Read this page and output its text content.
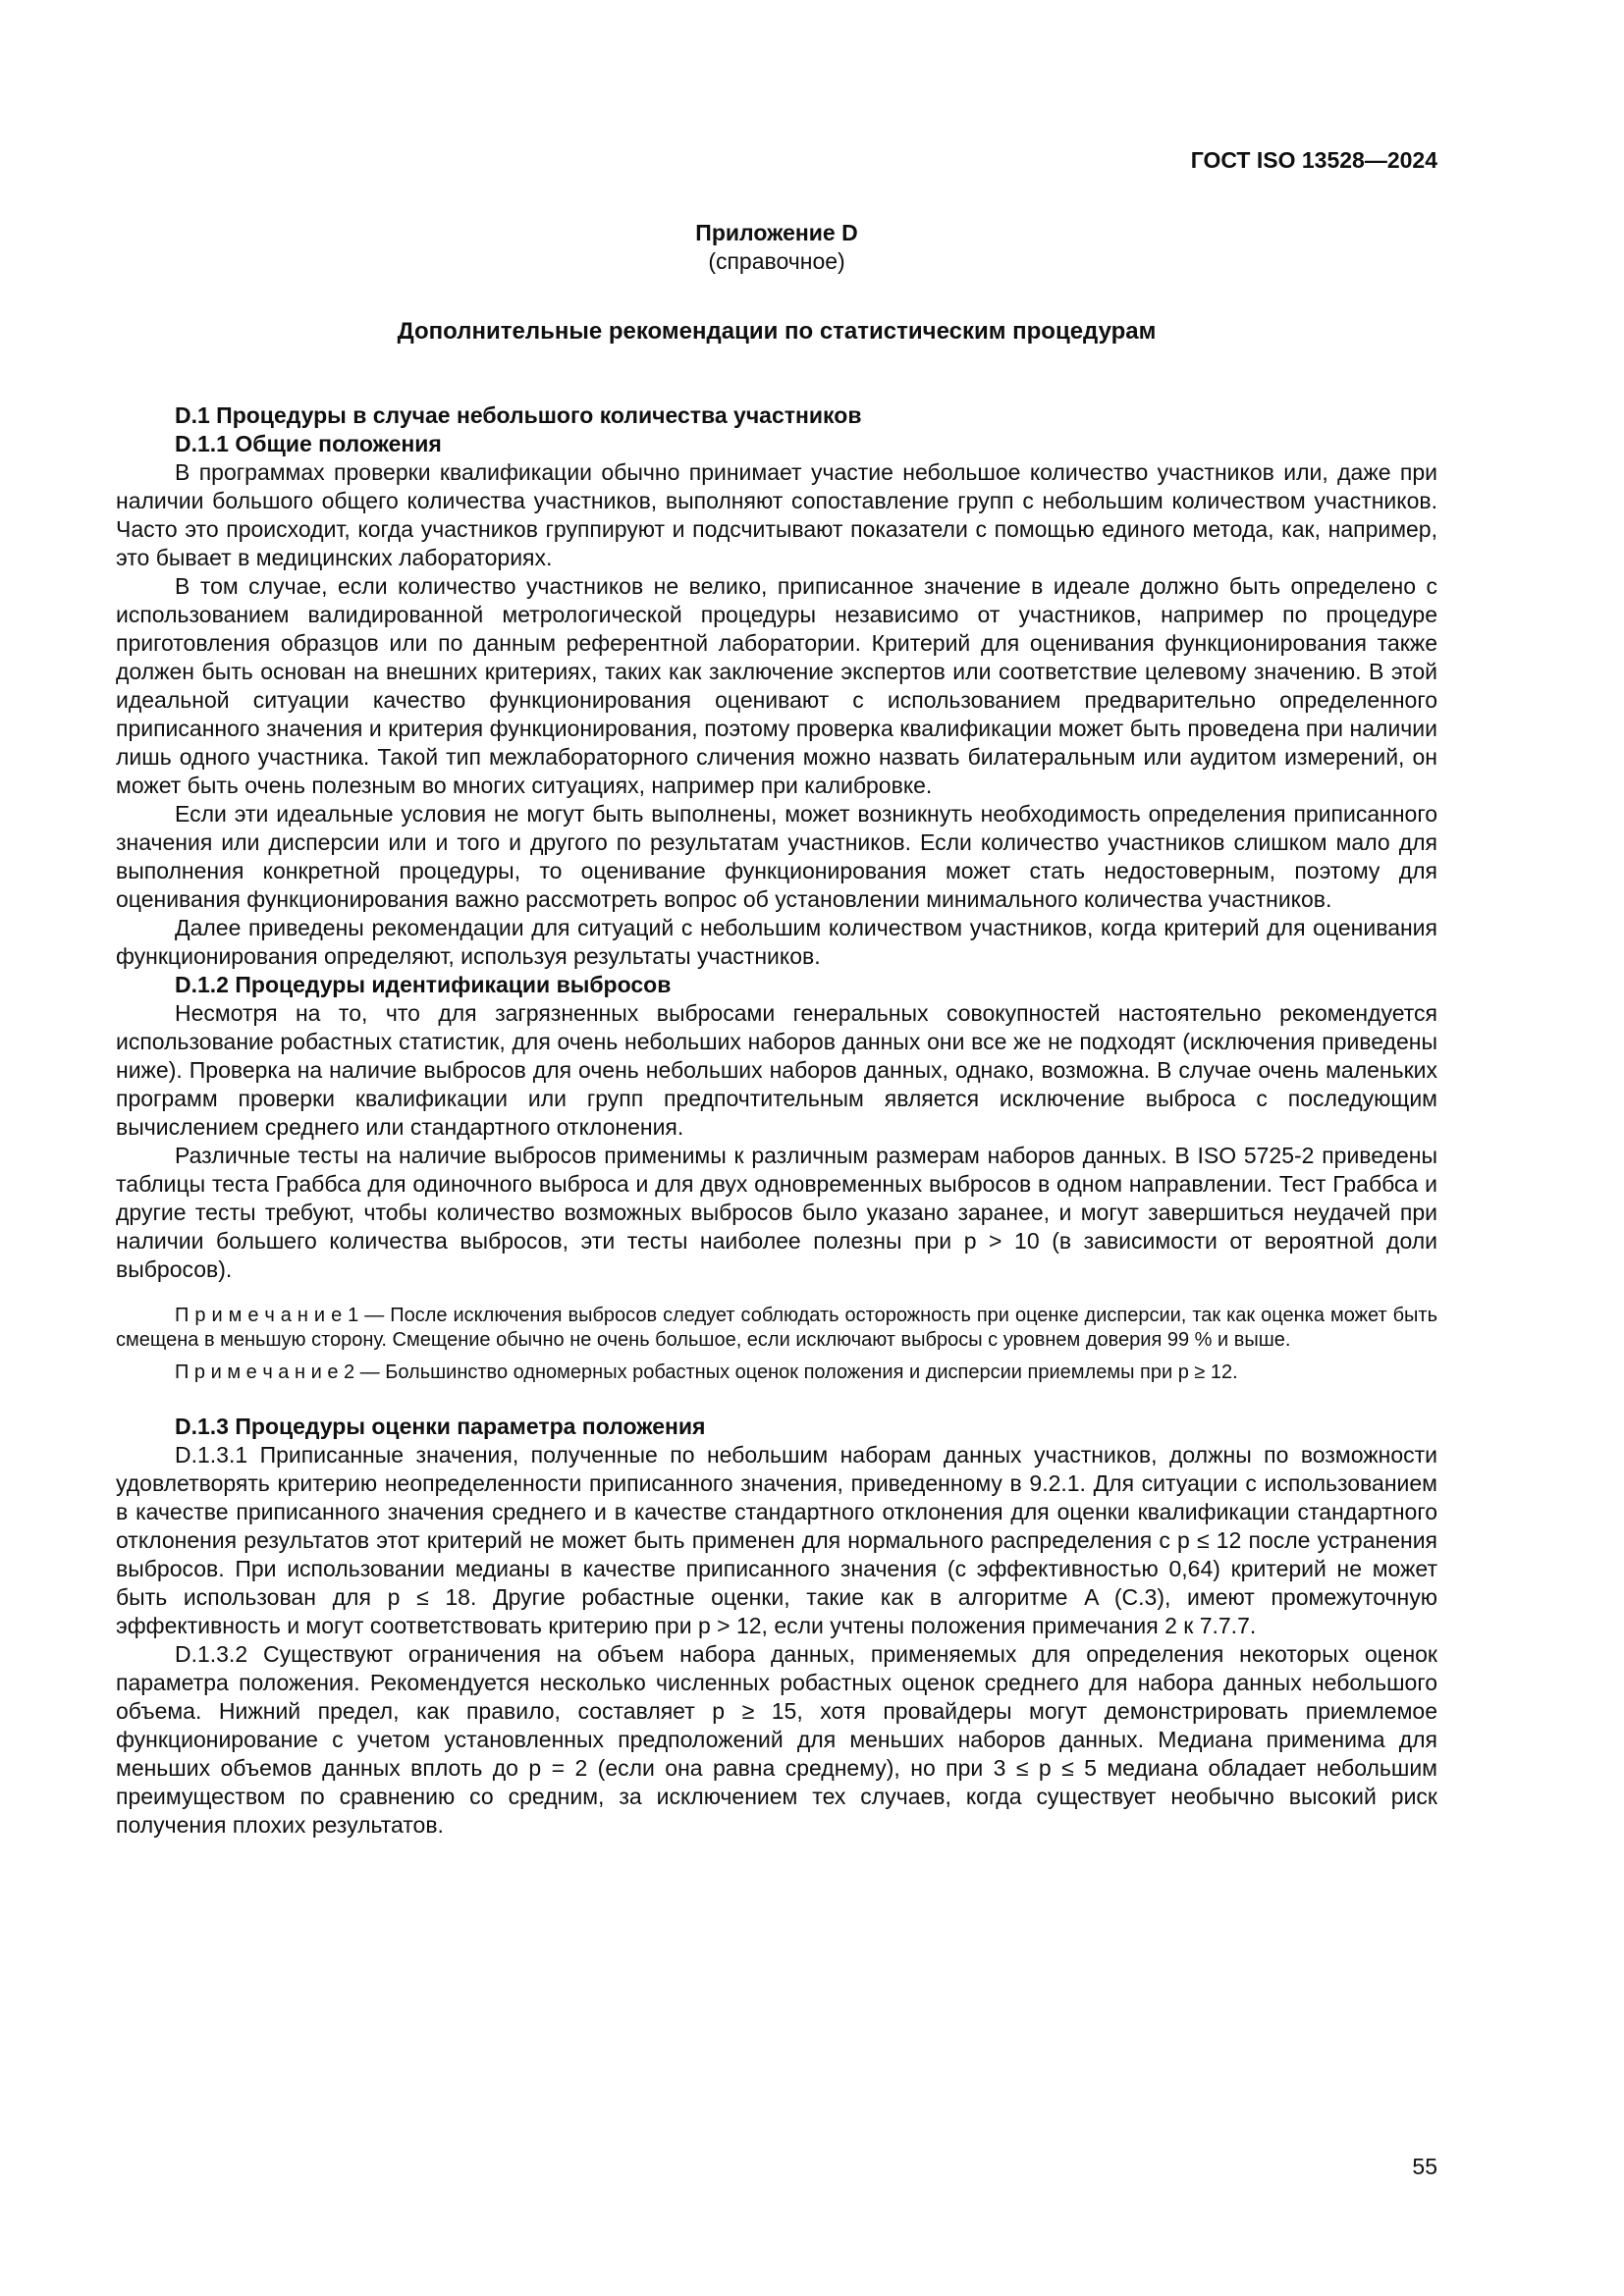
ГОСТ ISO 13528—2024
Приложение D
(справочное)
Дополнительные рекомендации по статистическим процедурам

D.1 Процедуры в случае небольшого количества участников

D.1.1 Общие положения

В программах проверки квалификации обычно принимает участие небольшое количество участников или, даже при наличии большого общего количества участников, выполняют сопоставление групп с небольшим количеством участников. Часто это происходит, когда участников группируют и подсчитывают показатели с помощью единого метода, как, например, это бывает в медицинских лабораториях.

В том случае, если количество участников не велико, приписанное значение в идеале должно быть определено с использованием валидированной метрологической процедуры независимо от участников, например по процедуре приготовления образцов или по данным референтной лаборатории. Критерий для оценивания функционирования также должен быть основан на внешних критериях, таких как заключение экспертов или соответствие целевому значению. В этой идеальной ситуации качество функционирования оценивают с использованием предварительно определенного приписанного значения и критерия функционирования, поэтому проверка квалификации может быть проведена при наличии лишь одного участника. Такой тип межлабораторного сличения можно назвать билатеральным или аудитом измерений, он может быть очень полезным во многих ситуациях, например при калибровке.

Если эти идеальные условия не могут быть выполнены, может возникнуть необходимость определения приписанного значения или дисперсии или и того и другого по результатам участников. Если количество участников слишком мало для выполнения конкретной процедуры, то оценивание функционирования может стать недостоверным, поэтому для оценивания функционирования важно рассмотреть вопрос об установлении минимального количества участников.

Далее приведены рекомендации для ситуаций с небольшим количеством участников, когда критерий для оценивания функционирования определяют, используя результаты участников.

D.1.2 Процедуры идентификации выбросов

Несмотря на то, что для загрязненных выбросами генеральных совокупностей настоятельно рекомендуется использование робастных статистик, для очень небольших наборов данных они все же не подходят (исключения приведены ниже). Проверка на наличие выбросов для очень небольших наборов данных, однако, возможна. В случае очень маленьких программ проверки квалификации или групп предпочтительным является исключение выброса с последующим вычислением среднего или стандартного отклонения.

Различные тесты на наличие выбросов применимы к различным размерам наборов данных. В ISO 5725-2 приведены таблицы теста Граббса для одиночного выброса и для двух одновременных выбросов в одном направлении. Тест Граббса и другие тесты требуют, чтобы количество возможных выбросов было указано заранее, и могут завершиться неудачей при наличии большего количества выбросов, эти тесты наиболее полезны при p > 10 (в зависимости от вероятной доли выбросов).

П р и м е ч а н и е 1 — После исключения выбросов следует соблюдать осторожность при оценке дисперсии, так как оценка может быть смещена в меньшую сторону. Смещение обычно не очень большое, если исключают выбросы с уровнем доверия 99 % и выше.

П р и м е ч а н и е 2 — Большинство одномерных робастных оценок положения и дисперсии приемлемы при p ≥ 12.

D.1.3 Процедуры оценки параметра положения

D.1.3.1 Приписанные значения, полученные по небольшим наборам данных участников, должны по возможности удовлетворять критерию неопределенности приписанного значения, приведенному в 9.2.1. Для ситуации с использованием в качестве приписанного значения среднего и в качестве стандартного отклонения для оценки квалификации стандартного отклонения результатов этот критерий не может быть применен для нормального распределения с p ≤ 12 после устранения выбросов. При использовании медианы в качестве приписанного значения (с эффективностью 0,64) критерий не может быть использован для p ≤ 18. Другие робастные оценки, такие как в алгоритме A (C.3), имеют промежуточную эффективность и могут соответствовать критерию при p > 12, если учтены положения примечания 2 к 7.7.7.

D.1.3.2 Существуют ограничения на объем набора данных, применяемых для определения некоторых оценок параметра положения. Рекомендуется несколько численных робастных оценок среднего для набора данных небольшого объема. Нижний предел, как правило, составляет p ≥ 15, хотя провайдеры могут демонстрировать приемлемое функционирование с учетом установленных предположений для меньших наборов данных. Медиана применима для меньших объемов данных вплоть до p = 2 (если она равна среднему), но при 3 ≤ p ≤ 5 медиана обладает небольшим преимуществом по сравнению со средним, за исключением тех случаев, когда существует необычно высокий риск получения плохих результатов.

55
